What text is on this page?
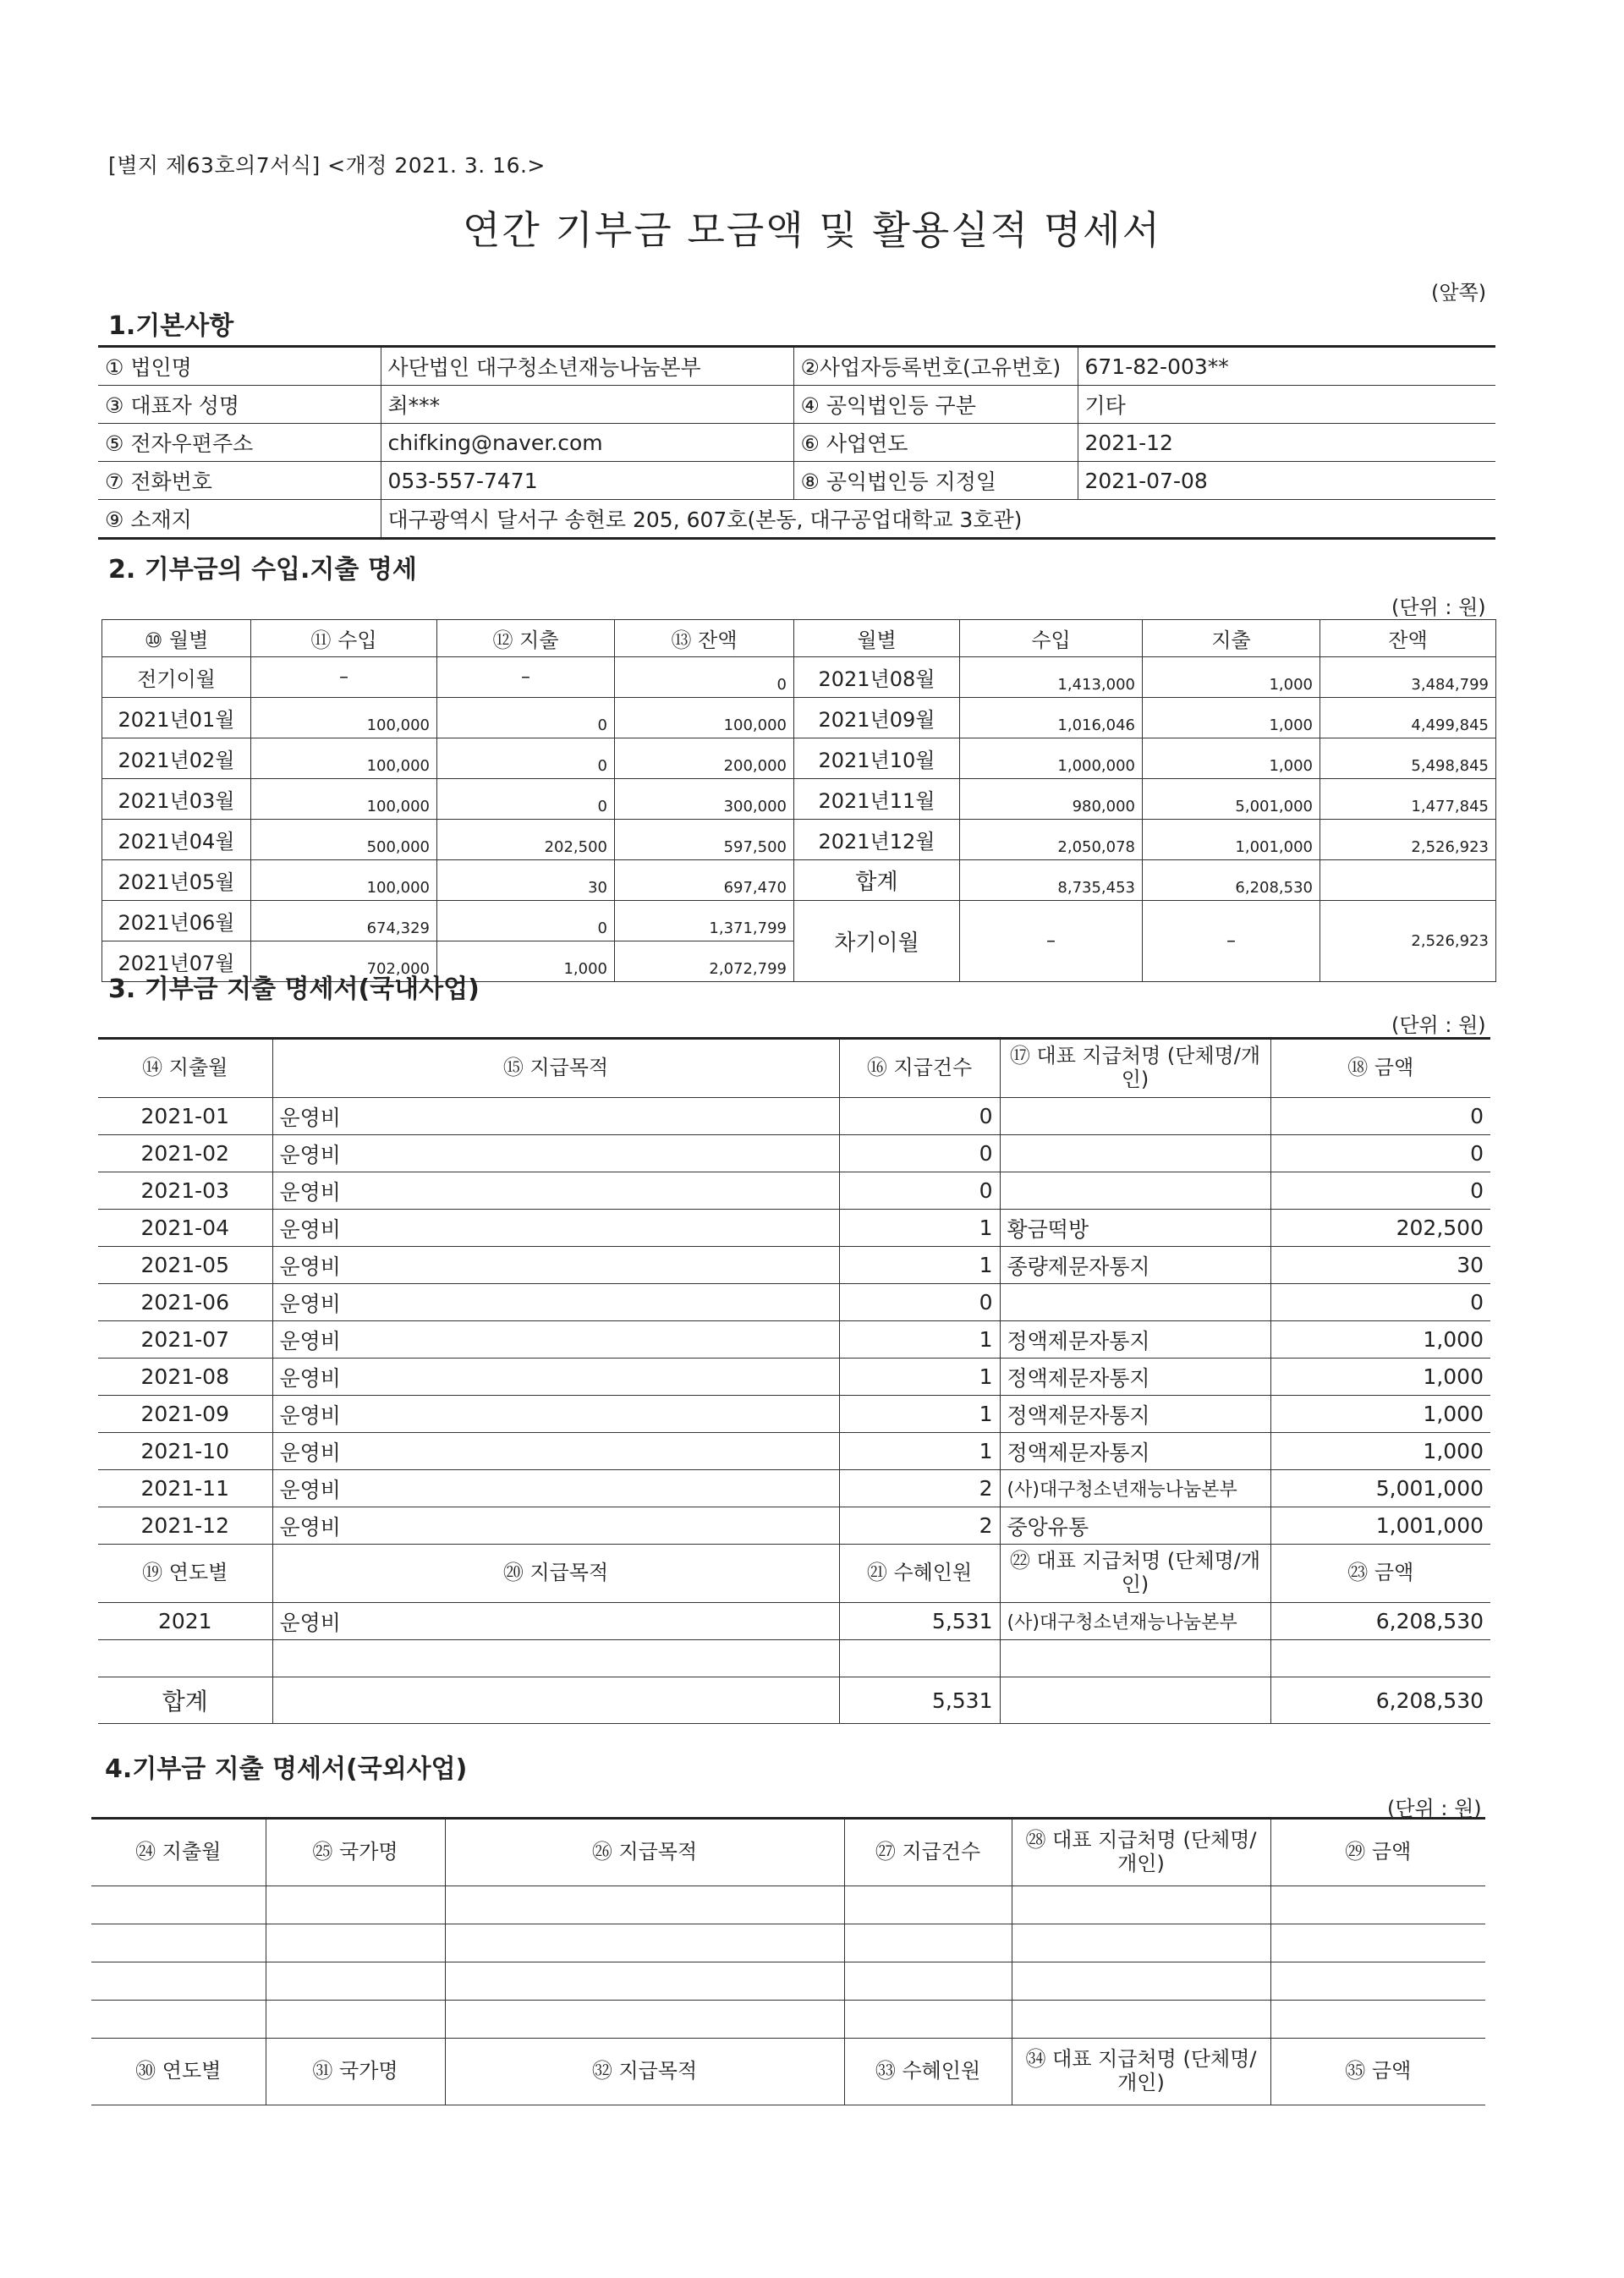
[별지 제63호의7서식] <개정 2021. 3. 16.>
연간 기부금 모금액 및 활용실적 명세서
(앞쪽)
1.기본사항
① 법인명	사단법인 대구청소년재능나눔본부	②사업자등록번호(고유번호)	671-82-003**
③ 대표자 성명	최***	④ 공익법인등 구분	기타
⑤ 전자우편주소	chifking@naver.com	⑥ 사업연도	2021-12
⑦ 전화번호	053-557-7471	⑧ 공익법인등 지정일	2021-07-08
⑨ 소재지	대구광역시 달서구 송현로 205, 607호(본동, 대구공업대학교 3호관)		
2. 기부금의 수입.지출 명세
(단위 : 원)
⑩ 월별	⑪ 수입	⑫ 지출	⑬ 잔액	월별	수입	지출	잔액
전기이월	–	–	0	2021년08월	1,413,000	1,000	3,484,799
2021년01월	100,000	0	100,000	2021년09월	1,016,046	1,000	4,499,845
2021년02월	100,000	0	200,000	2021년10월	1,000,000	1,000	5,498,845
2021년03월	100,000	0	300,000	2021년11월	980,000	5,001,000	1,477,845
2021년04월	500,000	202,500	597,500	2021년12월	2,050,078	1,001,000	2,526,923
2021년05월	100,000	30	697,470	합계	8,735,453	6,208,530	
2021년06월	674,329	0	1,371,799	차기이월	–	–	2,526,923
2021년07월	702,000	1,000	2,072,799				
3. 기부금 지출 명세서(국내사업)
(단위 : 원)
⑭ 지출월	⑮ 지급목적	⑯ 지급건수	⑰ 대표 지급처명 (단체명/개인)	⑱ 금액
2021-01	운영비	0		0
2021-02	운영비	0		0
2021-03	운영비	0		0
2021-04	운영비	1	황금떡방	202,500
2021-05	운영비	1	종량제문자통지	30
2021-06	운영비	0		0
2021-07	운영비	1	정액제문자통지	1,000
2021-08	운영비	1	정액제문자통지	1,000
2021-09	운영비	1	정액제문자통지	1,000
2021-10	운영비	1	정액제문자통지	1,000
2021-11	운영비	2	(사)대구청소년재능나눔본부	5,001,000
2021-12	운영비	2	중앙유통	1,001,000
⑲ 연도별	⑳ 지급목적	㉑ 수혜인원	㉒ 대표 지급처명 (단체명/개인)	㉓ 금액
2021	운영비	5,531	(사)대구청소년재능나눔본부	6,208,530

합계		5,531		6,208,530
4.기부금 지출 명세서(국외사업)
(단위 : 원)
㉔ 지출월	㉕ 국가명	㉖ 지급목적	㉗ 지급건수	㉘ 대표 지급처명 (단체명/개인)	㉙ 금액

㉚ 연도별	㉛ 국가명	㉜ 지급목적	㉝ 수혜인원	㉞ 대표 지급처명 (단체명/개인)	㉟ 금액
